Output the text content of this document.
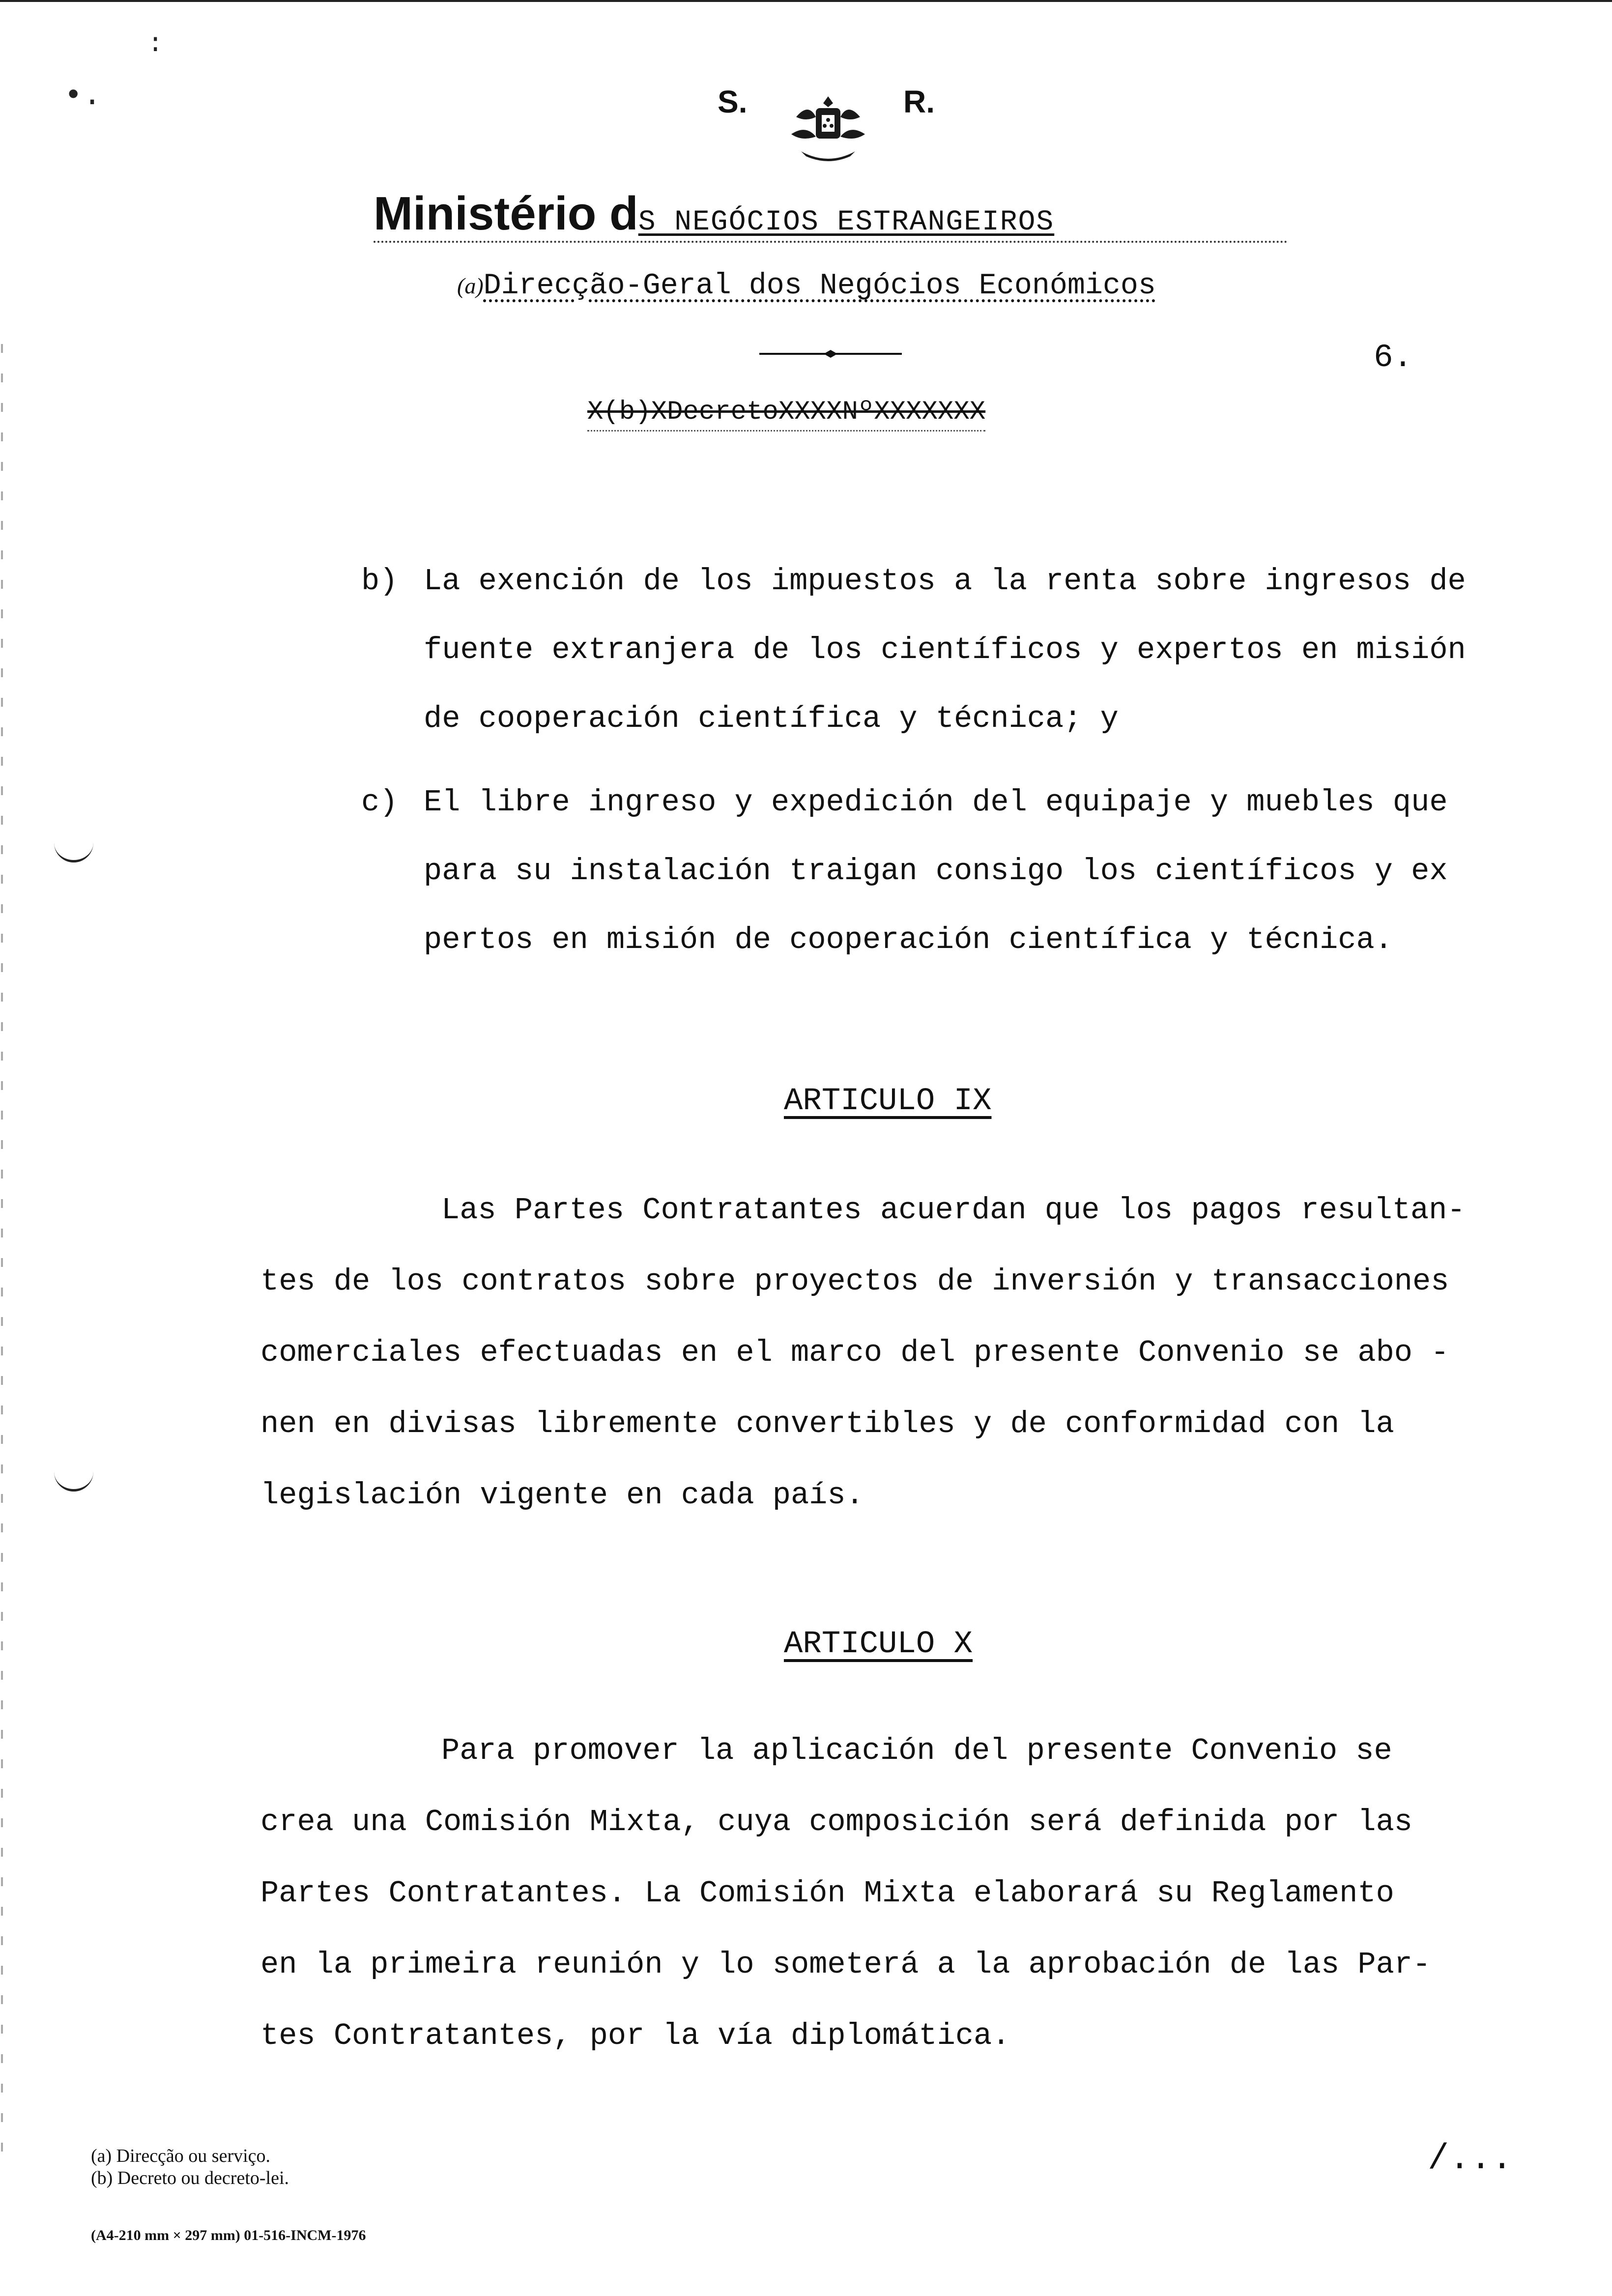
:
•.	S.	R.
Ministério dS NEGÓCIOS ESTRANGEIROS
(a)Direcção-Geral dos Negócios Económicos
6.
X(b)XDecretoXXXXNºXXXXXXX
b) La exención de los impuestos a la renta sobre ingresos de
fuente extranjera de los científicos y expertos en misión
de cooperación científica y técnica; y
c) El libre ingreso y expedición del equipaje y muebles que
para su instalación traigan consigo los científicos y ex
pertos en misión de cooperación científica y técnica.
ARTICULO IX
Las Partes Contratantes acuerdan que los pagos resultan-
tes de los contratos sobre proyectos de inversión y transacciones
comerciales efectuadas en el marco del presente Convenio se abo -
nen en divisas libremente convertibles y de conformidad con la
legislación vigente en cada país.
ARTICULO X
Para promover la aplicación del presente Convenio se
crea una Comisión Mixta, cuya composición será definida por las
Partes Contratantes. La Comisión Mixta elaborará su Reglamento
en la primeira reunión y lo someterá a la aprobación de las Par-
tes Contratantes, por la vía diplomática.
/...
(a) Direcção ou serviço.
(b) Decreto ou decreto-lei.
(A4-210 mm × 297 mm) 01-516-INCM-1976
